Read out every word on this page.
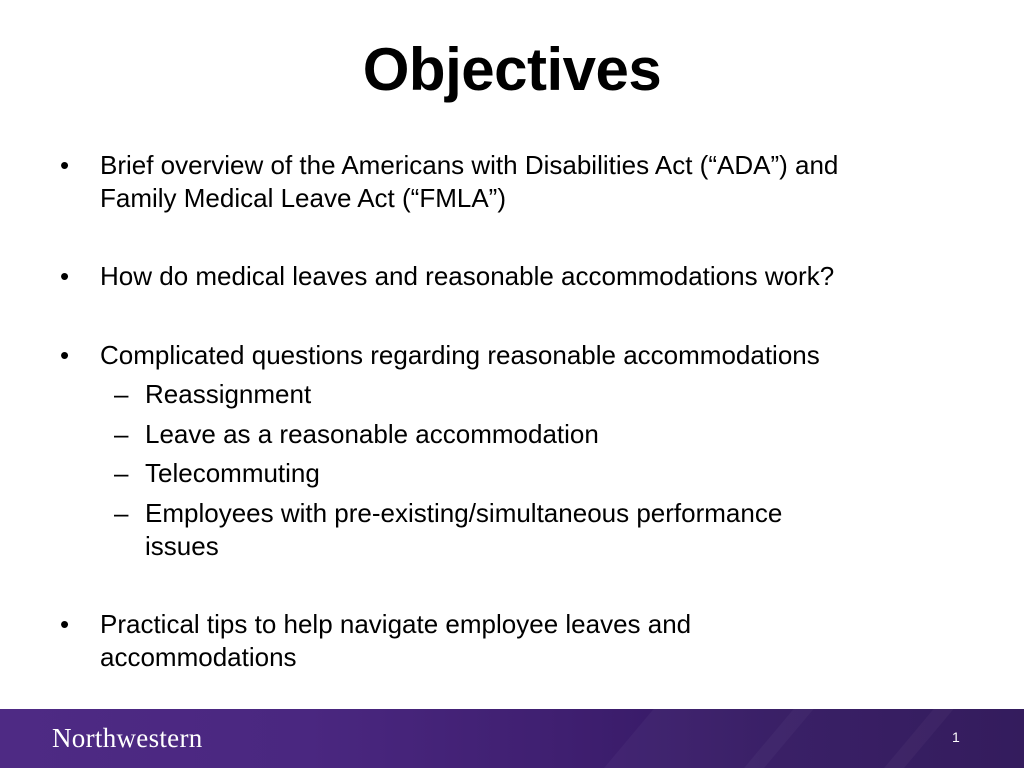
Objectives
• Brief overview of the Americans with Disabilities Act (“ADA”) and

Family Medical Leave Act (“FMLA”)

• How do medical leaves and reasonable accommodations work?

• Complicated questions regarding reasonable accommodations

– Reassignment

– Leave as a reasonable accommodation

– Telecommuting

– Employees with pre-existing/simultaneous performance

issues

• Practical tips to help navigate employee leaves and

accommodations

Northwestern	1
